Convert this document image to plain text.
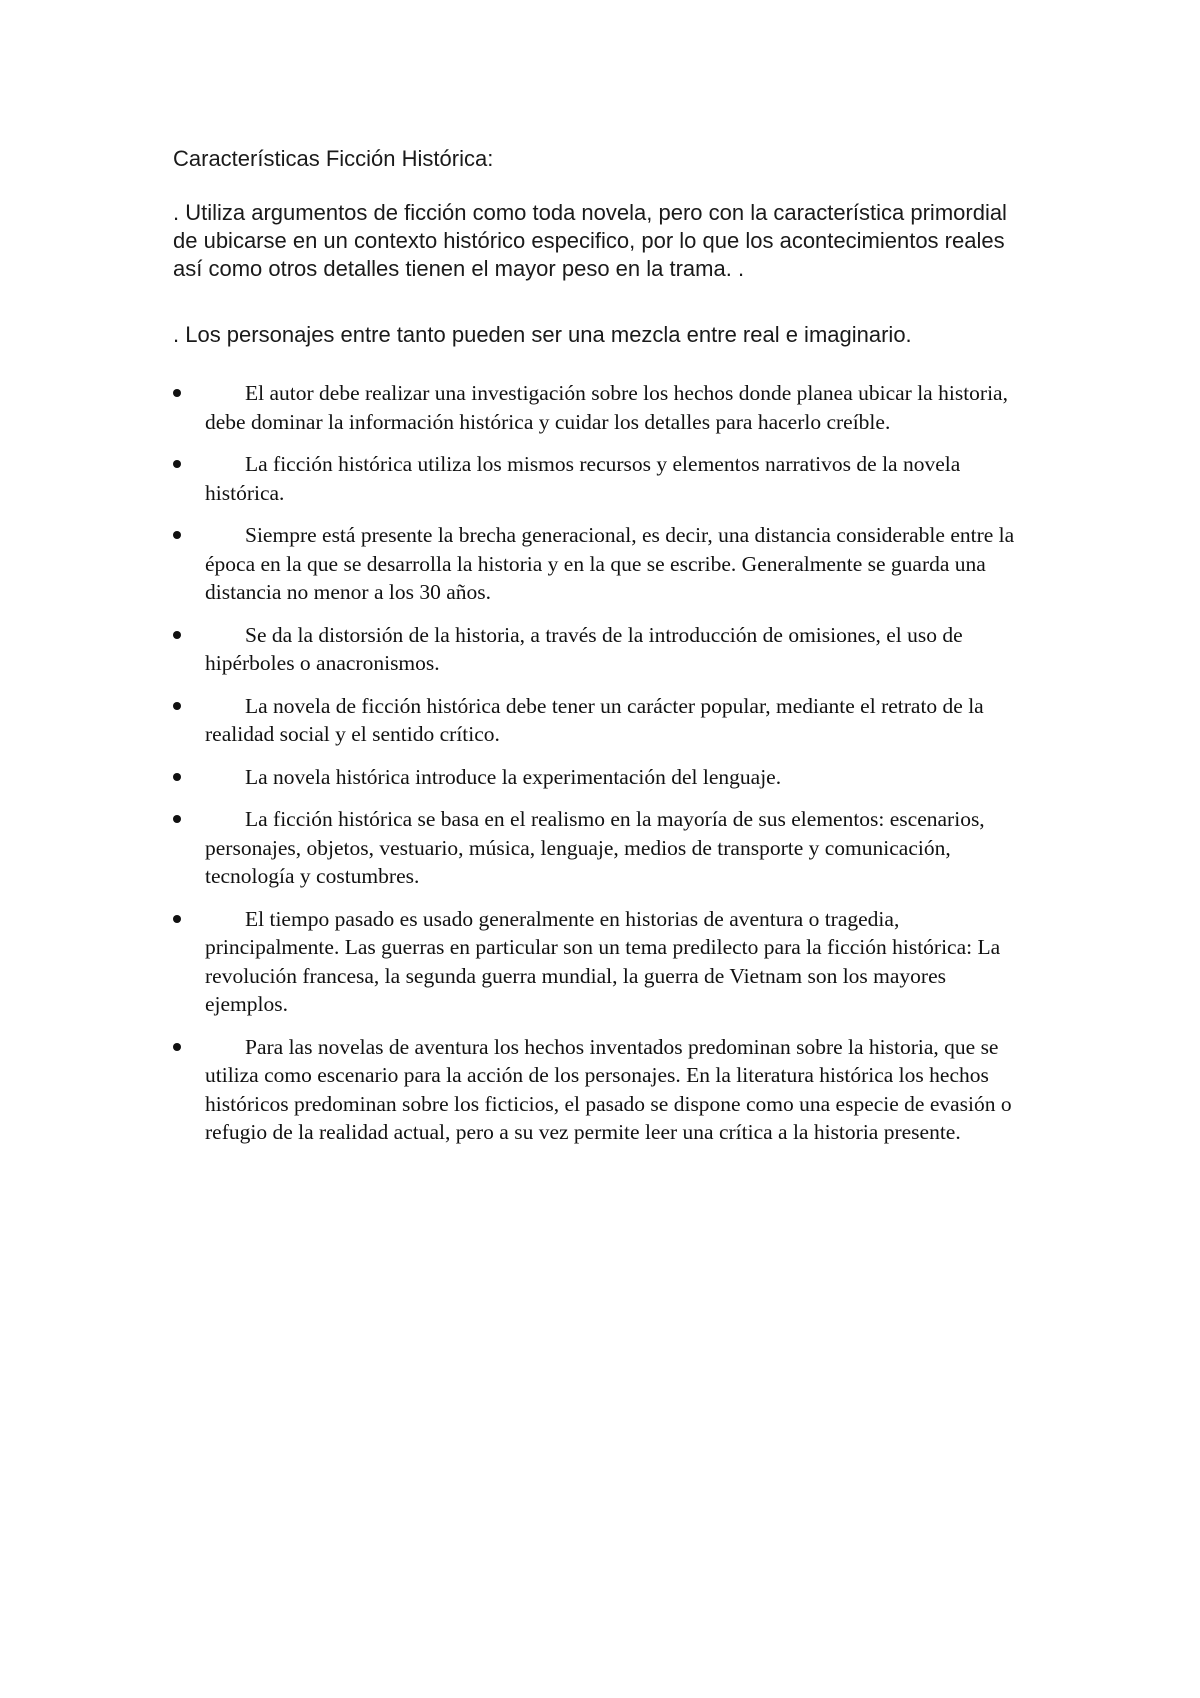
Características Ficción Histórica:

. Utiliza argumentos de ficción como toda novela, pero con la característica primordial de ubicarse en un contexto histórico especifico, por lo que los acontecimientos reales así como otros detalles tienen el mayor peso en la trama. .

. Los personajes entre tanto pueden ser una mezcla entre real e imaginario.

El autor debe realizar una investigación sobre los hechos donde planea ubicar la historia, debe dominar la información histórica y cuidar los detalles para hacerlo creíble.
La ficción histórica utiliza los mismos recursos y elementos narrativos de la novela histórica.
Siempre está presente la brecha generacional, es decir, una distancia considerable entre la época en la que se desarrolla la historia y en la que se escribe. Generalmente se guarda una distancia no menor a los 30 años.
Se da la distorsión de la historia, a través de la introducción de omisiones, el uso de hipérboles o anacronismos.
La novela de ficción histórica debe tener un carácter popular, mediante el retrato de la realidad social y el sentido crítico.
La novela histórica introduce la experimentación del lenguaje.
La ficción histórica se basa en el realismo en la mayoría de sus elementos: escenarios, personajes, objetos, vestuario, música, lenguaje, medios de transporte y comunicación, tecnología y costumbres.
El tiempo pasado es usado generalmente en historias de aventura o tragedia, principalmente. Las guerras en particular son un tema predilecto para la ficción histórica: La revolución francesa, la segunda guerra mundial, la guerra de Vietnam son los mayores ejemplos.
Para las novelas de aventura los hechos inventados predominan sobre la historia, que se utiliza como escenario para la acción de los personajes. En la literatura histórica los hechos históricos predominan sobre los ficticios, el pasado se dispone como una especie de evasión o refugio de la realidad actual, pero a su vez permite leer una crítica a la historia presente.
